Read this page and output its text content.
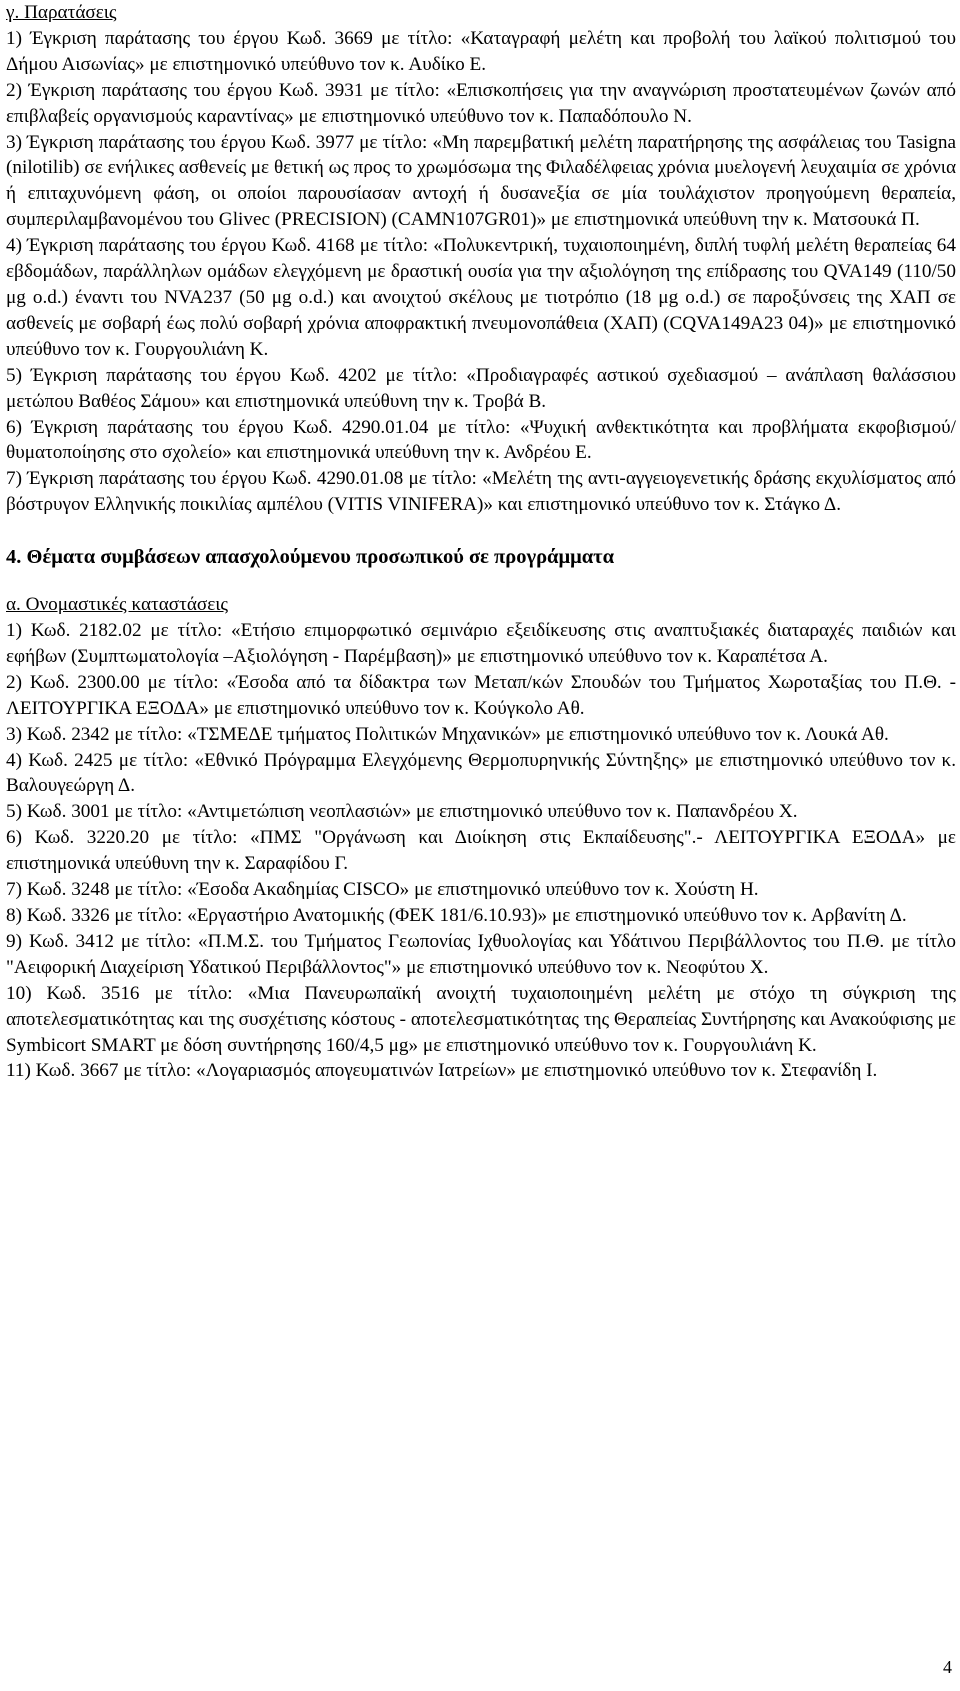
γ. Παρατάσεις

1) Έγκριση παράτασης του έργου Κωδ. 3669 με τίτλο: «Καταγραφή μελέτη και προβολή του λαϊκού πολιτισμού του Δήμου Αισωνίας» με επιστημονικό υπεύθυνο τον κ. Αυδίκο Ε.

2) Έγκριση παράτασης του έργου Κωδ. 3931 με τίτλο: «Επισκοπήσεις για την αναγνώριση προστατευμένων ζωνών από επιβλαβείς οργανισμούς καραντίνας» με επιστημονικό υπεύθυνο τον κ. Παπαδόπουλο Ν.

3) Έγκριση παράτασης του έργου Κωδ. 3977 με τίτλο: «Μη παρεμβατική μελέτη παρατήρησης της ασφάλειας του Tasigna (nilotilib) σε ενήλικες ασθενείς με θετική ως προς το χρωμόσωμα της Φιλαδέλφειας χρόνια μυελογενή λευχαιμία σε χρόνια ή επιταχυνόμενη φάση, οι οποίοι παρουσίασαν αντοχή ή δυσανεξία σε μία τουλάχιστον προηγούμενη θεραπεία, συμπεριλαμβανομένου του Glivec (PRECISION) (CAMN107GR01)» με επιστημονικά υπεύθυνη την κ. Ματσουκά Π.

4) Έγκριση παράτασης του έργου Κωδ. 4168 με τίτλο: «Πολυκεντρική, τυχαιοποιημένη, διπλή τυφλή μελέτη θεραπείας 64 εβδομάδων, παράλληλων ομάδων ελεγχόμενη με δραστική ουσία για την αξιολόγηση της επίδρασης του QVA149 (110/50 μg o.d.) έναντι του NVA237 (50 μg o.d.) και ανοιχτού σκέλους με τιοτρόπιο (18 μg o.d.) σε παροξύνσεις της ΧΑΠ σε ασθενείς με σοβαρή έως πολύ σοβαρή χρόνια αποφρακτική πνευμονοπάθεια (ΧΑΠ) (CQVA149A23 04)» με επιστημονικό υπεύθυνο τον κ. Γουργουλιάνη Κ.

5) Έγκριση παράτασης του έργου Κωδ. 4202 με τίτλο: «Προδιαγραφές αστικού σχεδιασμού – ανάπλαση θαλάσσιου μετώπου Βαθέος Σάμου» και επιστημονικά υπεύθυνη την κ. Τροβά Β.

6) Έγκριση παράτασης του έργου Κωδ. 4290.01.04 με τίτλο: «Ψυχική ανθεκτικότητα και προβλήματα εκφοβισμού/ θυματοποίησης στο σχολείο» και επιστημονικά υπεύθυνη την κ. Ανδρέου Ε.

7) Έγκριση παράτασης του έργου Κωδ. 4290.01.08 με τίτλο: «Μελέτη της αντι-αγγειογενετικής δράσης εκχυλίσματος από βόστρυγον Ελληνικής ποικιλίας αμπέλου (VITIS VINIFERA)» και επιστημονικό υπεύθυνο τον κ. Στάγκο Δ.

4. Θέματα συμβάσεων απασχολούμενου προσωπικού σε προγράμματα

α. Ονομαστικές καταστάσεις

1) Κωδ. 2182.02 με τίτλο: «Ετήσιο επιμορφωτικό σεμινάριο εξειδίκευσης στις αναπτυξιακές διαταραχές παιδιών και εφήβων (Συμπτωματολογία –Αξιολόγηση - Παρέμβαση)» με επιστημονικό υπεύθυνο τον κ. Καραπέτσα Α.

2) Κωδ. 2300.00 με τίτλο: «Έσοδα από τα δίδακτρα των Μεταπ/κών Σπουδών του Τμήματος Χωροταξίας του Π.Θ. - ΛΕΙΤΟΥΡΓΙΚΑ ΕΞΟΔΑ» με επιστημονικό υπεύθυνο τον κ. Κούγκολο Αθ.

3) Κωδ. 2342 με τίτλο: «ΤΣΜΕΔΕ τμήματος Πολιτικών Μηχανικών» με επιστημονικό υπεύθυνο τον κ. Λουκά Αθ.

4) Κωδ. 2425 με τίτλο: «Εθνικό Πρόγραμμα Ελεγχόμενης Θερμοπυρηνικής Σύντηξης» με επιστημονικό υπεύθυνο τον κ. Βαλουγεώργη Δ.

5) Κωδ. 3001 με τίτλο: «Αντιμετώπιση νεοπλασιών» με επιστημονικό υπεύθυνο τον κ. Παπανδρέου Χ.

6) Κωδ. 3220.20 με τίτλο: «ΠΜΣ "Οργάνωση και Διοίκηση στις Εκπαίδευσης".- ΛΕΙΤΟΥΡΓΙΚΑ ΕΞΟΔΑ» με επιστημονικά υπεύθυνη την κ. Σαραφίδου Γ.

7) Κωδ. 3248 με τίτλο: «Έσοδα Ακαδημίας CISCO» με επιστημονικό υπεύθυνο τον κ. Χούστη Η.

8) Κωδ. 3326 με τίτλο: «Εργαστήριο Ανατομικής (ΦΕΚ 181/6.10.93)» με επιστημονικό υπεύθυνο τον κ. Αρβανίτη Δ.

9) Κωδ. 3412 με τίτλο: «Π.Μ.Σ. του Τμήματος Γεωπονίας Ιχθυολογίας και Υδάτινου Περιβάλλοντος του Π.Θ. με τίτλο "Αειφορική Διαχείριση Υδατικού Περιβάλλοντος"» με επιστημονικό υπεύθυνο τον κ. Νεοφύτου Χ.

10) Κωδ. 3516 με τίτλο: «Μια Πανευρωπαϊκή ανοιχτή τυχαιοποιημένη μελέτη με στόχο τη σύγκριση της αποτελεσματικότητας και της συσχέτισης κόστους - αποτελεσματικότητας της Θεραπείας Συντήρησης και Ανακούφισης με Symbicort SMART με δόση συντήρησης 160/4,5 μg» με επιστημονικό υπεύθυνο τον κ. Γουργουλιάνη Κ.

11) Κωδ. 3667 με τίτλο: «Λογαριασμός απογευματινών Ιατρείων» με επιστημονικό υπεύθυνο τον κ. Στεφανίδη Ι.

4
